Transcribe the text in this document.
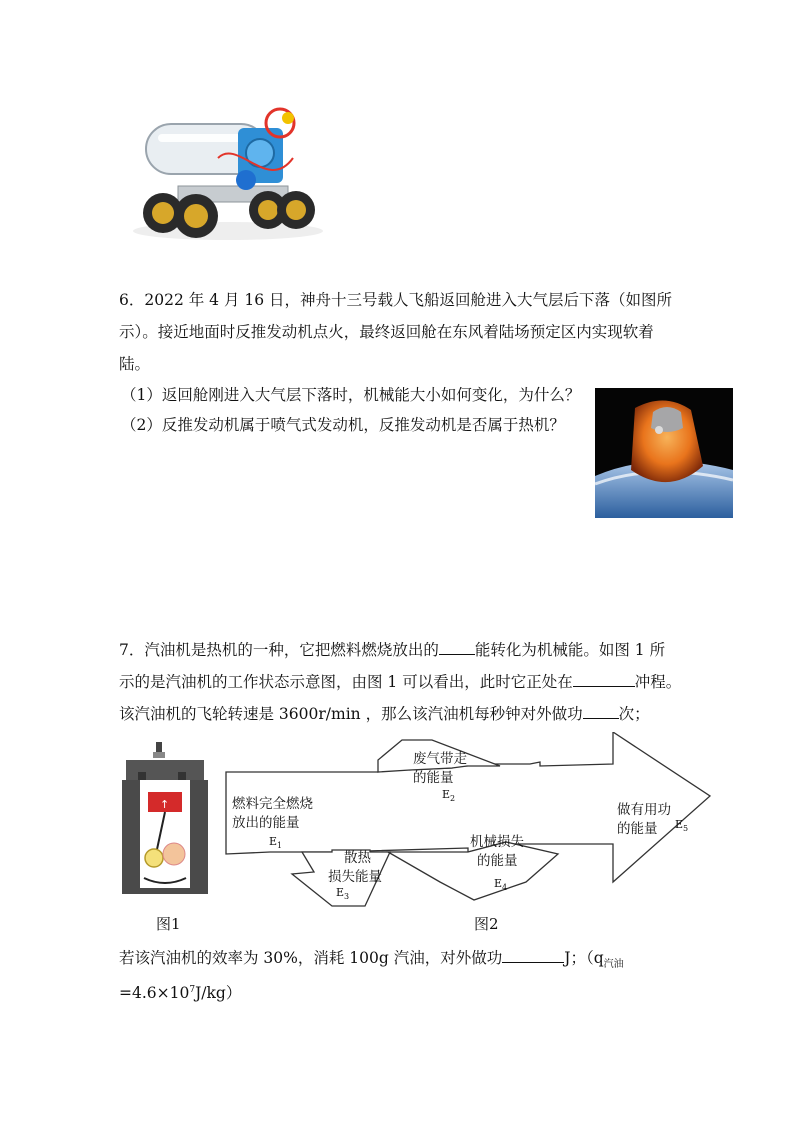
6．2022 年 4 月 16 日，神舟十三号载人飞船返回舱进入大气层后下落（如图所
示）。接近地面时反推发动机点火，最终返回舱在东风着陆场预定区内实现软着
陆。
（1）返回舱刚进入大气层下落时，机械能大小如何变化，为什么？
（2）反推发动机属于喷气式发动机，反推发动机是否属于热机？
7．汽油机是热机的一种，它把燃料燃烧放出的 能转化为机械能。如图 1 所
示的是汽油机的工作状态示意图，由图 1 可以看出，此时它正处在	冲程。
该汽油机的飞轮转速是 3600r/min ，那么该汽油机每秒钟对外做功 次；
↑
图1
燃料完全燃烧
放出的能量
$E_1$
废气带走
的能量
$E_2$
散热
损失能量
$E_3$
机械损失
的能量
$E_4$
做有用功
的能量 $E_5$
图2
若该汽油机的效率为 30%，消耗 100g 汽油，对外做功	J；（$q_{汽油}$
$=4.6\times 10^7J/kg$）
